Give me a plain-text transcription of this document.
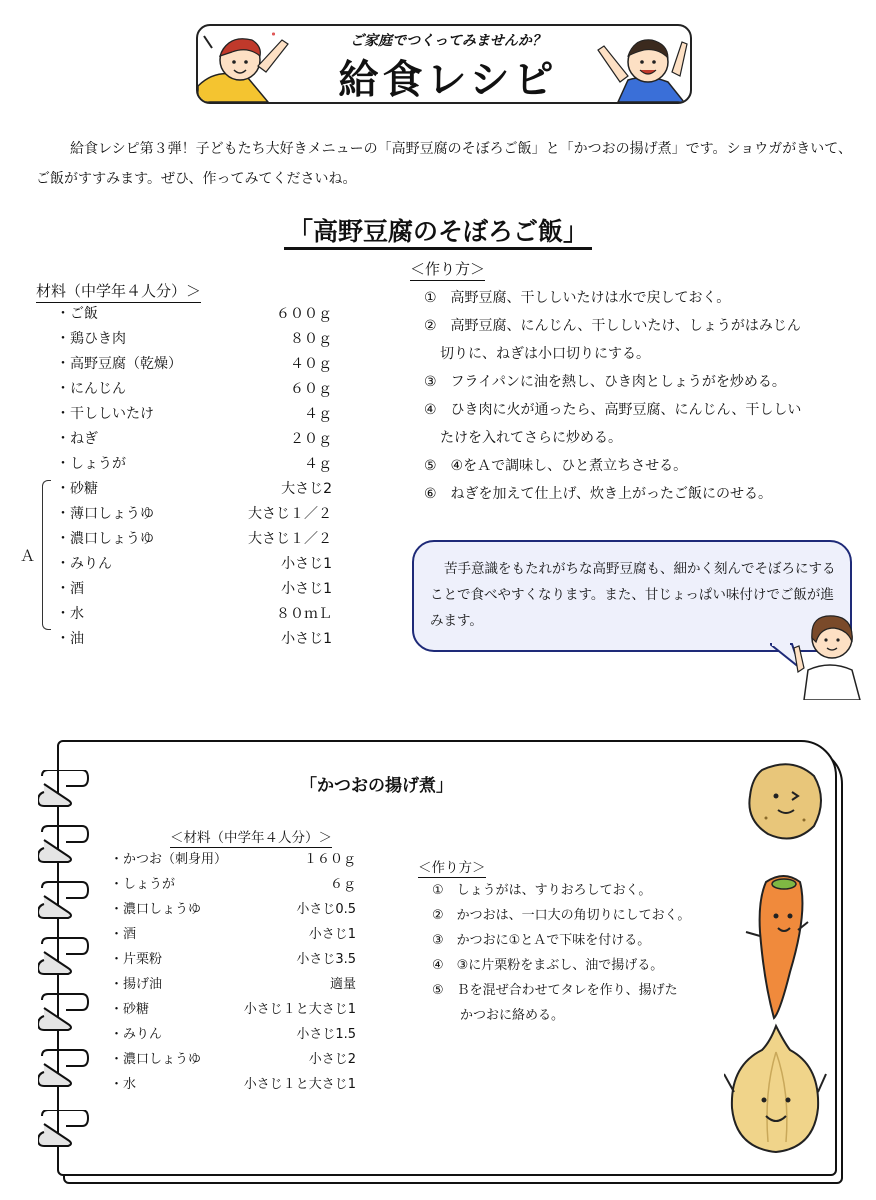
ご家庭でつくってみませんか？
給食レシピ
給食レシピ第３弾！子どもたち大好きメニューの「高野豆腐のそぼろご飯」と「かつおの揚げ煮」です。ショウガがきいて、ご飯がすすみます。ぜひ、作ってみてくださいね。
「高野豆腐のそぼろご飯」
材料（中学年４人分）＞
・ご飯	６００ｇ
・鶏ひき肉	８０ｇ
・高野豆腐（乾燥）	４０ｇ
・にんじん	６０ｇ
・干ししいたけ	４ｇ
・ねぎ	２０ｇ
・しょうが	４ｇ
・砂糖	大さじ2
・薄口しょうゆ	大さじ１／２
・濃口しょうゆ	大さじ１／２
・みりん	小さじ1
・酒	小さじ1
・水	８０ｍＬ
・油	小さじ1
Ａ
＜作り方＞
①　高野豆腐、干ししいたけは水で戻しておく。
②　高野豆腐、にんじん、干ししいたけ、しょうがはみじん
切りに、ねぎは小口切りにする。
③　フライパンに油を熱し、ひき肉としょうがを炒める。
④　ひき肉に火が通ったら、高野豆腐、にんじん、干ししい
たけを入れてさらに炒める。
⑤　④をＡで調味し、ひと煮立ちさせる。
⑥　ねぎを加えて仕上げ、炊き上がったご飯にのせる。
苦手意識をもたれがちな高野豆腐も、細かく刻んでそぼろにすることで食べやすくなります。また、甘じょっぱい味付けでご飯が進みます。
「かつおの揚げ煮」
＜材料（中学年４人分）＞
・かつお（刺身用）	１６０ｇ
・しょうが	６ｇ
・濃口しょうゆ	小さじ0.5
・酒	小さじ1
・片栗粉	小さじ3.5
・揚げ油	適量
・砂糖	小さじ１と大さじ1
・みりん	小さじ1.5
・濃口しょうゆ	小さじ2
・水	小さじ１と大さじ1
＜作り方＞
①　しょうがは、すりおろしておく。
②　かつおは、一口大の角切りにしておく。
③　かつおに①とＡで下味を付ける。
④　③に片栗粉をまぶし、油で揚げる。
⑤　Ｂを混ぜ合わせてタレを作り、揚げた
かつおに絡める。
